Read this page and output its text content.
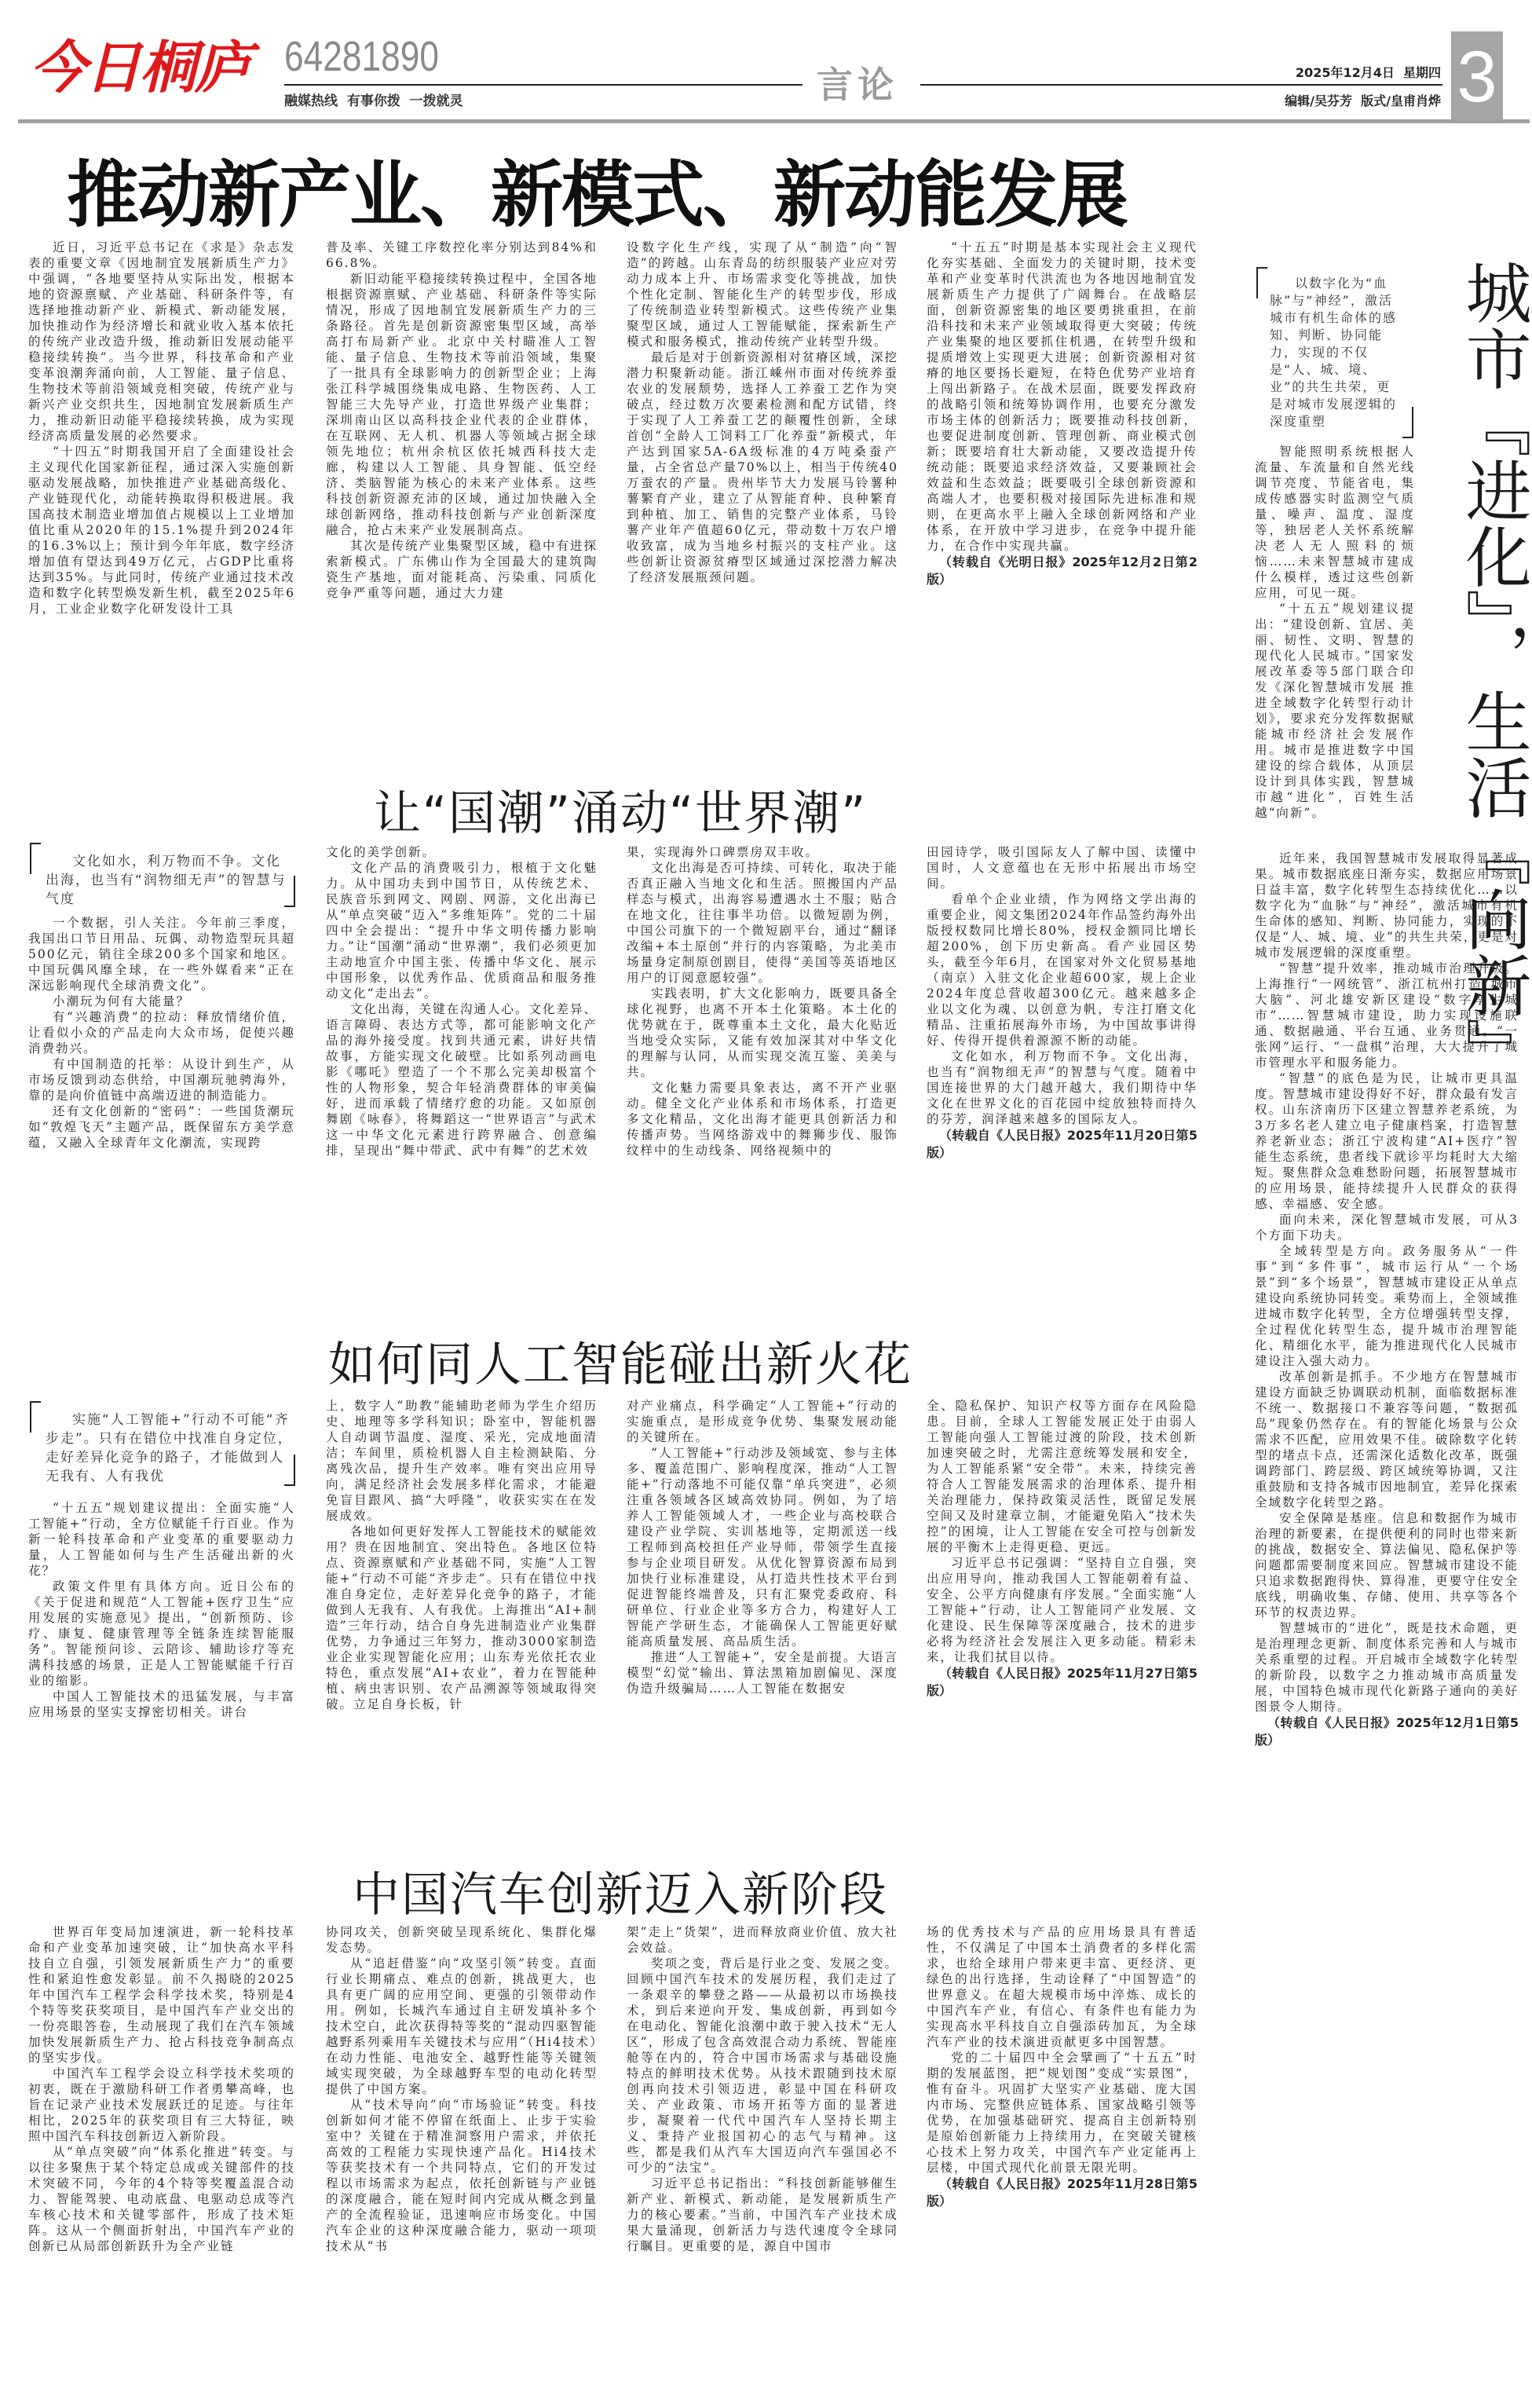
今日桐庐 64281890
融媒热线  有事你拨  一拨就灵	言论	2025年12月4日  星期四
编辑/吴芬芳  版式/皇甫肖烨 3
推动新产业、新模式、新动能发展

近日，习近平总书记在《求是》杂志发表的重要文章《因地制宜发展新质生产力》中强调，“各地要坚持从实际出发，根据本地的资源禀赋、产业基础、科研条件等，有选择地推动新产业、新模式、新动能发展，加快推动作为经济增长和就业收入基本依托的传统产业改造升级，推动新旧发展动能平稳接续转换”。当今世界，科技革命和产业变革浪潮奔涌向前，人工智能、量子信息、生物技术等前沿领域竞相突破，传统产业与新兴产业交织共生，因地制宜发展新质生产力，推动新旧动能平稳接续转换，成为实现经济高质量发展的必然要求。

“十四五”时期我国开启了全面建设社会主义现代化国家新征程，通过深入实施创新驱动发展战略，加快推进产业基础高级化、产业链现代化，动能转换取得积极进展。我国高技术制造业增加值占规模以上工业增加值比重从2020年的15.1%提升到2024年的16.3%以上；预计到今年年底，数字经济增加值有望达到49万亿元，占GDP比重将达到35%。与此同时，传统产业通过技术改造和数字化转型焕发新生机，截至2025年6月，工业企业数字化研发设计工具

普及率、关键工序数控化率分别达到84%和66.8%。

新旧动能平稳接续转换过程中，全国各地根据资源禀赋、产业基础、科研条件等实际情况，形成了因地制宜发展新质生产力的三条路径。首先是创新资源密集型区域，高举高打布局新产业。北京中关村瞄准人工智能、量子信息、生物技术等前沿领域，集聚了一批具有全球影响力的创新型企业；上海张江科学城围绕集成电路、生物医药、人工智能三大先导产业，打造世界级产业集群；深圳南山区以高科技企业代表的企业群体，在互联网、无人机、机器人等领域占据全球领先地位；杭州余杭区依托城西科技大走廊，构建以人工智能、具身智能、低空经济、类脑智能为核心的未来产业体系。这些科技创新资源充沛的区域，通过加快融入全球创新网络，推动科技创新与产业创新深度融合，抢占未来产业发展制高点。

其次是传统产业集聚型区域，稳中有进探索新模式。广东佛山作为全国最大的建筑陶瓷生产基地，面对能耗高、污染重、同质化竞争严重等问题，通过大力建

设数字化生产线，实现了从“制造”向“智造”的跨越。山东青岛的纺织服装产业应对劳动力成本上升、市场需求变化等挑战，加快个性化定制、智能化生产的转型步伐，形成了传统制造业转型新模式。这些传统产业集聚型区域，通过人工智能赋能，探索新生产模式和服务模式，推动传统产业转型升级。

最后是对于创新资源相对贫瘠区域，深挖潜力积聚新动能。浙江嵊州市面对传统养蚕农业的发展颓势，选择人工养蚕工艺作为突破点，经过数万次要素检测和配方试错，终于实现了人工养蚕工艺的颠覆性创新，全球首创“全龄人工饲料工厂化养蚕”新模式，年产达到国家5A-6A级标准的4万吨桑蚕产量，占全省总产量70%以上，相当于传统40万蚕农的产量。贵州毕节大力发展马铃薯种薯繁育产业，建立了从智能育种、良种繁育到种植、加工、销售的完整产业体系，马铃薯产业年产值超60亿元，带动数十万农户增收致富，成为当地乡村振兴的支柱产业。这些创新让资源贫瘠型区域通过深挖潜力解决了经济发展瓶颈问题。

“十五五”时期是基本实现社会主义现代化夯实基础、全面发力的关键时期，技术变革和产业变革时代洪流也为各地因地制宜发展新质生产力提供了广阔舞台。在战略层面，创新资源密集的地区要勇挑重担，在前沿科技和未来产业领域取得更大突破；传统产业集聚的地区要抓住机遇，在转型升级和提质增效上实现更大进展；创新资源相对贫瘠的地区要扬长避短，在特色优势产业培育上闯出新路子。在战术层面，既要发挥政府的战略引领和统筹协调作用，也要充分激发市场主体的创新活力；既要推动科技创新，也要促进制度创新、管理创新、商业模式创新；既要培育壮大新动能，又要改造提升传统动能；既要追求经济效益，又要兼顾社会效益和生态效益；既要吸引全球创新资源和高端人才，也要积极对接国际先进标准和规则，在更高水平上融入全球创新网络和产业体系，在开放中学习进步，在竞争中提升能力，在合作中实现共赢。

（转载自《光明日报》2025年12月2日第2版）

让“国潮”涌动“世界潮”

文化如水，利万物而不争。文化出海，也当有“润物细无声”的智慧与气度

一个数据，引人关注。今年前三季度，我国出口节日用品、玩偶、动物造型玩具超500亿元，销往全球200多个国家和地区。中国玩偶风靡全球，在一些外媒看来“正在深远影响现代全球消费文化”。

小潮玩为何有大能量？

有“兴趣消费”的拉动：释放情绪价值，让看似小众的产品走向大众市场，促使兴趣消费勃兴。

有中国制造的托举：从设计到生产，从市场反馈到动态供给，中国潮玩驰骋海外，靠的是向价值链中高端迈进的制造能力。

还有文化创新的“密码”：一些国货潮玩如“敦煌飞天”主题产品，既保留东方美学意蕴，又融入全球青年文化潮流，实现跨

文化的美学创新。

文化产品的消费吸引力，根植于文化魅力。从中国功夫到中国节日，从传统艺术、民族音乐到网文、网剧、网游，文化出海已从“单点突破”迈入“多维矩阵”。党的二十届四中全会提出：“提升中华文明传播力影响力。”让“国潮”涌动“世界潮”，我们必须更加主动地宣介中国主张、传播中华文化、展示中国形象，以优秀作品、优质商品和服务推动文化“走出去”。

文化出海，关键在沟通人心。文化差异、语言障碍、表达方式等，都可能影响文化产品的海外接受度。找到共通元素，讲好共情故事，方能实现文化破壁。比如系列动画电影《哪吒》塑造了一个不那么完美却极富个性的人物形象，契合年轻消费群体的审美偏好，进而承载了情绪疗愈的功能。又如原创舞剧《咏春》，将舞蹈这一“世界语言”与武术这一中华文化元素进行跨界融合、创意编排，呈现出“舞中带武、武中有舞”的艺术效

果，实现海外口碑票房双丰收。

文化出海是否可持续、可转化，取决于能否真正融入当地文化和生活。照搬国内产品样态与模式，出海容易遭遇水土不服；贴合在地文化，往往事半功倍。以微短剧为例，中国公司旗下的一个微短剧平台，通过“翻译改编+本土原创”并行的内容策略，为北美市场量身定制原创剧目，使得“美国等英语地区用户的订阅意愿较强”。

实践表明，扩大文化影响力，既要具备全球化视野，也离不开本土化策略。本土化的优势就在于，既尊重本土文化，最大化贴近当地受众实际，又能有效加深其对中华文化的理解与认同，从而实现交流互鉴、美美与共。

文化魅力需要具象表达，离不开产业驱动。健全文化产业体系和市场体系，打造更多文化精品，文化出海才能更具创新活力和传播声势。当网络游戏中的舞狮步伐、服饰纹样中的生动线条、网络视频中的

田园诗学，吸引国际友人了解中国、读懂中国时，人文意蕴也在无形中拓展出市场空间。

看单个企业业绩，作为网络文学出海的重要企业，阅文集团2024年作品签约海外出版授权数同比增长80%，授权金额同比增长超200%，创下历史新高。看产业园区势头，截至今年6月，在国家对外文化贸易基地（南京）入驻文化企业超600家，规上企业2024年度总营收超300亿元。越来越多企业以文化为魂、以创意为帆，专注打磨文化精品、注重拓展海外市场，为中国故事讲得好、传得开提供着源源不断的动能。

文化如水，利万物而不争。文化出海，也当有“润物细无声”的智慧与气度。随着中国连接世界的大门越开越大，我们期待中华文化在世界文化的百花园中绽放独特而持久的芬芳，润泽越来越多的国际友人。

（转载自《人民日报》2025年11月20日第5版）

如何同人工智能碰出新火花

实施“人工智能+”行动不可能“齐步走”。只有在错位中找准自身定位，走好差异化竞争的路子，才能做到人无我有、人有我优

“十五五”规划建议提出：全面实施“人工智能+”行动，全方位赋能千行百业。作为新一轮科技革命和产业变革的重要驱动力量，人工智能如何与生产生活碰出新的火花？

政策文件里有具体方向。近日公布的《关于促进和规范“人工智能+医疗卫生”应用发展的实施意见》提出，“创新预防、诊疗、康复、健康管理等全链条连续智能服务”。智能预问诊、云陪诊、辅助诊疗等充满科技感的场景，正是人工智能赋能千行百业的缩影。

中国人工智能技术的迅猛发展，与丰富应用场景的坚实支撑密切相关。讲台

上，数字人“助教”能辅助老师为学生介绍历史、地理等多学科知识；卧室中，智能机器人自动调节温度、湿度、采光，完成地面清洁；车间里，质检机器人自主检测缺陷、分离残次品，提升生产效率。唯有突出应用导向，满足经济社会发展多样化需求，才能避免盲目跟风、搞“大呼隆”，收获实实在在发展成效。

各地如何更好发挥人工智能技术的赋能效用？贵在因地制宜、突出特色。各地区位特点、资源禀赋和产业基础不同，实施“人工智能+”行动不可能“齐步走”。只有在错位中找准自身定位，走好差异化竞争的路子，才能做到人无我有、人有我优。上海推出“AI+制造”三年行动，结合自身先进制造业产业集群优势，力争通过三年努力，推动3000家制造业企业实现智能化应用；山东寿光依托农业特色，重点发展“AI+农业”，着力在智能种植、病虫害识别、农产品溯源等领域取得突破。立足自身长板，针

对产业痛点，科学确定“人工智能+”行动的实施重点，是形成竞争优势、集聚发展动能的关键所在。

“人工智能+”行动涉及领域宽、参与主体多、覆盖范围广、影响程度深，推动“人工智能+”行动落地不可能仅靠“单兵突进”，必须注重各领域各区域高效协同。例如，为了培养人工智能领域人才，一些企业与高校联合建设产业学院、实训基地等，定期派送一线工程师到高校担任产业导师，带领学生直接参与企业项目研发。从优化智算资源布局到加快行业标准建设，从打造共性技术平台到促进智能终端普及，只有汇聚党委政府、科研单位、行业企业等多方合力，构建好人工智能产学研生态，才能确保人工智能更好赋能高质量发展、高品质生活。

推进“人工智能+”，安全是前提。大语言模型“幻觉”输出、算法黑箱加剧偏见、深度伪造升级骗局……人工智能在数据安

全、隐私保护、知识产权等方面存在风险隐患。目前，全球人工智能发展正处于由弱人工智能向强人工智能过渡的阶段，技术创新加速突破之时，尤需注意统筹发展和安全，为人工智能系紧“安全带”。未来，持续完善符合人工智能发展需求的治理体系、提升相关治理能力，保持政策灵活性，既留足发展空间又及时建章立制，才能避免陷入“技术失控”的困境，让人工智能在安全可控与创新发展的平衡木上走得更稳、更远。

习近平总书记强调：“坚持自立自强，突出应用导向，推动我国人工智能朝着有益、安全、公平方向健康有序发展。”全面实施“人工智能+”行动，让人工智能同产业发展、文化建设、民生保障等深度融合，技术的进步必将为经济社会发展注入更多动能。精彩未来，让我们拭目以待。

（转载自《人民日报》2025年11月27日第5版）

中国汽车创新迈入新阶段

世界百年变局加速演进，新一轮科技革命和产业变革加速突破，让“加快高水平科技自立自强，引领发展新质生产力”的重要性和紧迫性愈发彰显。前不久揭晓的2025年中国汽车工程学会科学技术奖，特别是4个特等奖获奖项目，是中国汽车产业交出的一份亮眼答卷，生动展现了我们在汽车领域加快发展新质生产力、抢占科技竞争制高点的坚实步伐。

中国汽车工程学会设立科学技术奖项的初衷，既在于激励科研工作者勇攀高峰，也旨在记录产业技术发展跃迁的足迹。与往年相比，2025年的获奖项目有三大特征，映照中国汽车科技创新迈入新阶段。

从“单点突破”向“体系化推进”转变。与以往多聚焦于某个特定总成或关键部件的技术突破不同，今年的4个特等奖覆盖混合动力、智能驾驶、电动底盘、电驱动总成等汽车核心技术和关键零部件，形成了技术矩阵。这从一个侧面折射出，中国汽车产业的创新已从局部创新跃升为全产业链

协同攻关，创新突破呈现系统化、集群化爆发态势。

从“追赶借鉴”向“攻坚引领”转变。直面行业长期痛点、难点的创新，挑战更大，也具有更广阔的应用空间、更强的引领带动作用。例如，长城汽车通过自主研发填补多个技术空白，此次获得特等奖的“混动四驱智能越野系列乘用车关键技术与应用”（Hi4技术）在动力性能、电池安全、越野性能等关键领域实现突破，为全球越野车型的电动化转型提供了中国方案。

从“技术导向”向“市场验证”转变。科技创新如何才能不停留在纸面上、止步于实验室中？关键在于精准洞察用户需求，并依托高效的工程能力实现快速产品化。Hi4技术等获奖技术有一个共同特点，它们的开发过程以市场需求为起点，依托创新链与产业链的深度融合，能在短时间内完成从概念到量产的全流程验证，迅速响应市场变化。中国汽车企业的这种深度融合能力，驱动一项项技术从“书

架”走上“货架”，进而释放商业价值、放大社会效益。

奖项之变，背后是行业之变、发展之变。回顾中国汽车技术的发展历程，我们走过了一条艰辛的攀登之路——从最初以市场换技术，到后来逆向开发、集成创新，再到如今在电动化、智能化浪潮中敢于驶入技术“无人区”，形成了包含高效混合动力系统、智能座舱等在内的，符合中国市场需求与基础设施特点的鲜明技术优势。从技术跟随到技术原创再向技术引领迈进，彰显中国在科研攻关、产业政策、市场开拓等方面的显著进步，凝聚着一代代中国汽车人坚持长期主义、秉持产业报国初心的志气与精神。这些，都是我们从汽车大国迈向汽车强国必不可少的“法宝”。

习近平总书记指出：“科技创新能够催生新产业、新模式、新动能，是发展新质生产力的核心要素。”当前，中国汽车产业技术成果大量涌现，创新活力与迭代速度令全球同行瞩目。更重要的是，源自中国市

场的优秀技术与产品的应用场景具有普适性，不仅满足了中国本土消费者的多样化需求，也给全球用户带来更丰富、更经济、更绿色的出行选择，生动诠释了“中国智造”的世界意义。在超大规模市场中淬炼、成长的中国汽车产业，有信心、有条件也有能力为实现高水平科技自立自强添砖加瓦，为全球汽车产业的技术演进贡献更多中国智慧。

党的二十届四中全会擘画了“十五五”时期的发展蓝图，把“规划图”变成“实景图”，惟有奋斗。巩固扩大坚实产业基础、庞大国内市场、完整供应链体系、国家战略引领等优势，在加强基础研究、提高自主创新特别是原始创新能力上持续用力，在突破关键核心技术上努力攻关，中国汽车产业定能再上层楼，中国式现代化前景无限光明。

（转载自《人民日报》2025年11月28日第5版）

城市『进化』，生活『向新』

以数字化为“血脉”与“神经”，激活城市有机生命体的感知、判断、协同能力，实现的不仅是“人、城、境、业”的共生共荣，更是对城市发展逻辑的深度重塑

智能照明系统根据人流量、车流量和自然光线调节亮度、节能省电，集成传感器实时监测空气质量、噪声、温度、湿度等，独居老人关怀系统解决老人无人照料的烦恼……未来智慧城市建成什么模样，透过这些创新应用，可见一斑。

“十五五”规划建议提出：“建设创新、宜居、美丽、韧性、文明、智慧的现代化人民城市。”国家发展改革委等5部门联合印发《深化智慧城市发展 推进全域数字化转型行动计划》，要求充分发挥数据赋能城市经济社会发展作用。城市是推进数字中国建设的综合载体，从顶层设计到具体实践，智慧城市越“进化”，百姓生活越“向新”。

近年来，我国智慧城市发展取得显著成果。城市数据底座日渐夯实，数据应用场景日益丰富，数字化转型生态持续优化……以数字化为“血脉”与“神经”，激活城市有机生命体的感知、判断、协同能力，实现的不仅是“人、城、境、业”的共生共荣，更是对城市发展逻辑的深度重塑。

“智慧”提升效率，推动城市治理升级。上海推行“一网统管”、浙江杭州打造“城市大脑”、河北雄安新区建设“数字孪生城市”……智慧城市建设，助力实现设施联通、数据融通、平台互通、业务贯通。“一张网”运行、“一盘棋”治理，大大提升了城市管理水平和服务能力。

“智慧”的底色是为民，让城市更具温度。智慧城市建设得好不好，群众最有发言权。山东济南历下区建立智慧养老系统，为3万多名老人建立电子健康档案，打造智慧养老新业态；浙江宁波构建“AI+医疗”智能生态系统，患者线下就诊平均耗时大大缩短。聚焦群众急难愁盼问题，拓展智慧城市的应用场景，能持续提升人民群众的获得感、幸福感、安全感。

面向未来，深化智慧城市发展，可从3个方面下功夫。

全域转型是方向。政务服务从“一件事”到“多件事”，城市运行从“一个场景”到“多个场景”，智慧城市建设正从单点建设向系统协同转变。乘势而上，全领域推进城市数字化转型，全方位增强转型支撑，全过程优化转型生态，提升城市治理智能化、精细化水平，能为推进现代化人民城市建设注入强大动力。

改革创新是抓手。不少地方在智慧城市建设方面缺乏协调联动机制，面临数据标准不统一、数据接口不兼容等问题，“数据孤岛”现象仍然存在。有的智能化场景与公众需求不匹配，应用效果不佳。破除数字化转型的堵点卡点，还需深化适数化改革，既强调跨部门、跨层级、跨区域统筹协调，又注重鼓励和支持各城市因地制宜，差异化探索全域数字化转型之路。

安全保障是基座。信息和数据作为城市治理的新要素，在提供便利的同时也带来新的挑战，数据安全、算法偏见、隐私保护等问题都需要制度来回应。智慧城市建设不能只追求数据跑得快、算得准，更要守住安全底线，明确收集、存储、使用、共享等各个环节的权责边界。

智慧城市的“进化”，既是技术命题，更是治理理念更新、制度体系完善和人与城市关系重塑的过程。开启城市全域数字化转型的新阶段，以数字之力推动城市高质量发展，中国特色城市现代化新路子通向的美好图景令人期待。

（转载自《人民日报》2025年12月1日第5版）
